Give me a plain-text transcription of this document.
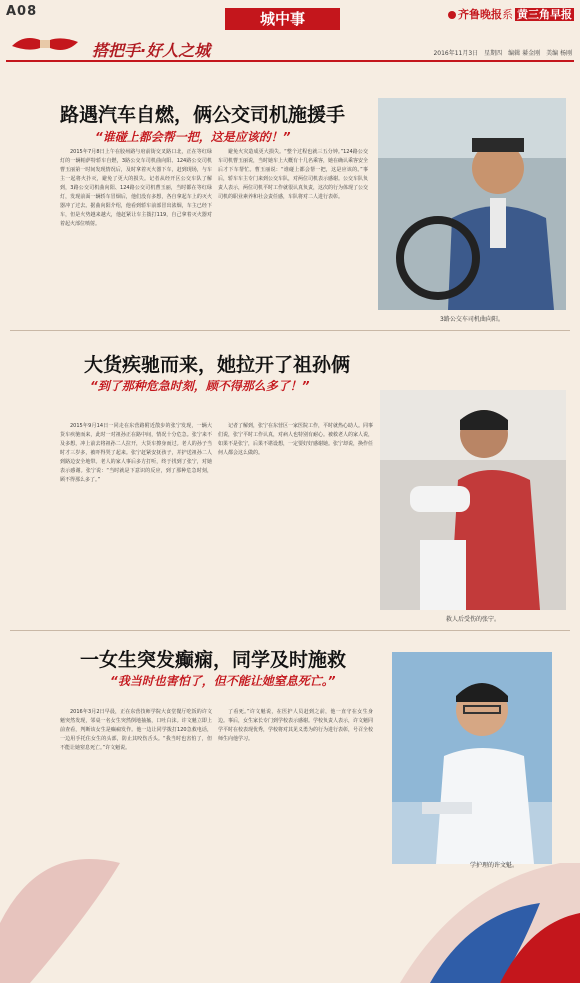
A08	城中事	齐鲁晚报系 黄三角早报
2016年11月3日　星期四　编辑 綦金刚　美编 杨刚
搭把手·好人之城
路遇汽车自燃，俩公交司机施援手
“谁碰上都会帮一把，这是应该的！”
2015年7月8日上午在胶州路与府前街交叉路口北，正在等红绿灯的一辆帕萨特轿车自燃，3路公交车司机曲向阳、124路公交司机曹玉丽第一时间发现情况后，及时拿着灭火器下车，赶到现场，与车主一起将火扑灭，避免了更大的损失。记者从经开区公交车队了解到，3路公交司机曲向阳、124路公交司机曹玉丽，当时都在等红绿灯，发现前面一辆轿车冒烟后，他们没有多想，各自拿起车上的灭火器冲了过去。据曲向阳介绍，他看到轿车前部冒出浓烟，车主已经下车，但是火势越来越大，他赶紧让车主拨打119，自己拿着灭火器对着起火部位喷射。
避免火灾造成更大损失。“整个过程也就三五分钟。”124路公交车司机曹玉丽说，当时她车上大概有十几名乘客，她在确认乘客安全后才下车帮忙。曹玉丽说：“谁碰上都会帮一把，这是应该的。”事后，轿车车主专门来到公交车队，对两位司机表示感谢。公交车队负责人表示，两位司机平时工作就很认真负责，这次的行为体现了公交司机的职业素养和社会责任感，车队将对二人进行表彰。
3路公交车司机曲向阳。
大货疾驰而来，她拉开了祖孙俩
“到了那种危急时刻，顾不得那么多了！”
2015年9月14日一同走在东营路附近散步的张宁发现，一辆大货车疾驰而来，此时一对祖孙正在路中间，情况十分危急。张宁来不及多想，冲上前去将祖孙二人拉开，大货车擦身而过。老人的孙子当时才三岁多，被吓得哭了起来。张宁赶紧安抚孩子，并护送祖孙二人到路边安全地带。老人的家人事后多方打听，终于找到了张宁，对她表示感谢。张宁说：“当时就是下意识的反应，到了那种危急时刻，顾不得那么多了。”
记者了解到，张宁在东营区一家医院工作，平时就热心助人。同事们说，张宁平时工作认真，对病人也特别有耐心。被救老人的家人说，如果不是张宁，后果不堪设想，一定要好好感谢她。张宁却说，换作任何人都会这么做的。
救人后受伤的张宁。
一女生突发癫痫，同学及时施救
“我当时也害怕了，但不能让她窒息死亡。”
2016年3月2日早晨，正在东营技师学院大食堂餐厅吃饭的许文魁突然发现，邻桌一名女生突然倒地抽搐，口吐白沫。许文魁立即上前查看，判断该女生是癫痫发作。他一边让同学拨打120急救电话，一边用手托住女生的头部，防止其咬伤舌头。“我当时也害怕了，但不能让她窒息死亡。”许文魁说。
了看死。”许文魁说，在医护人员赶到之前，他一直守在女生身边。事后，女生家长专门到学校表示感谢。学校负责人表示，许文魁同学平时在校表现优秀，学校将对其见义勇为的行为进行表彰，号召全校师生向他学习。
学护理的许文魁。
